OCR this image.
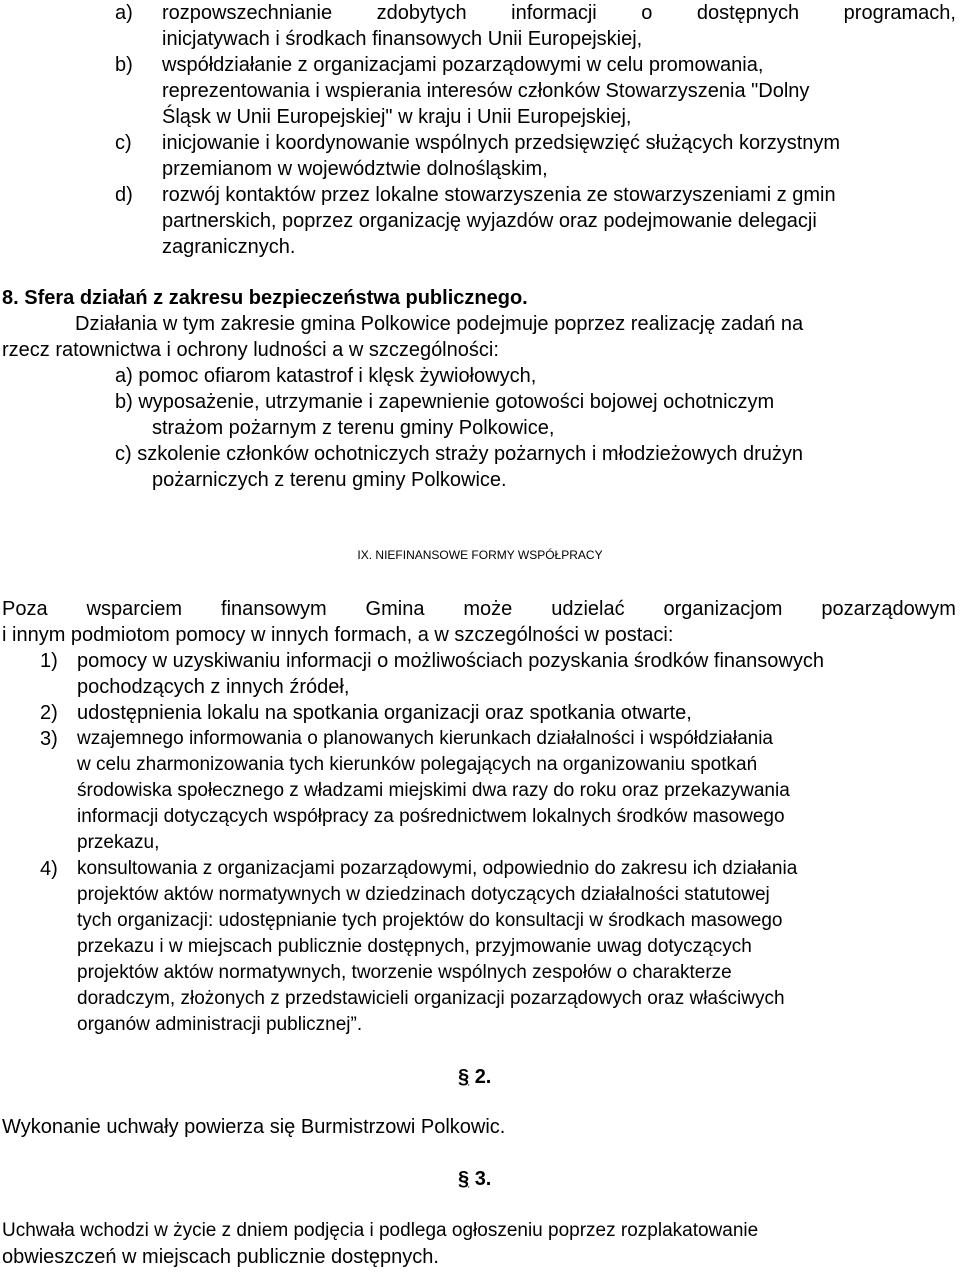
a) rozpowszechnianie zdobytych informacji o dostępnych programach,
inicjatywach i środkach finansowych Unii Europejskiej,
b) współdziałanie z organizacjami pozarządowymi w celu promowania,
reprezentowania i wspierania interesów członków Stowarzyszenia "Dolny
Śląsk w Unii Europejskiej" w kraju i Unii Europejskiej,
c) inicjowanie i koordynowanie wspólnych przedsięwzięć służących korzystnym
przemianom w województwie dolnośląskim,
d) rozwój kontaktów przez lokalne stowarzyszenia ze stowarzyszeniami z gmin
partnerskich, poprzez organizację wyjazdów oraz podejmowanie delegacji
zagranicznych.
8. Sfera działań z zakresu bezpieczeństwa publicznego.
Działania w tym zakresie gmina Polkowice podejmuje poprzez realizację zadań na
rzecz ratownictwa i ochrony ludności a w szczególności:
a) pomoc ofiarom katastrof i klęsk żywiołowych,
b) wyposażenie, utrzymanie i zapewnienie gotowości bojowej ochotniczym
strażom pożarnym z terenu gminy Polkowice,
c) szkolenie członków ochotniczych straży pożarnych i młodzieżowych drużyn
pożarniczych z terenu gminy Polkowice.
IX. NIEFINANSOWE FORMY WSPÓŁPRACY
Poza wsparciem finansowym Gmina może udzielać organizacjom pozarządowym
i innym podmiotom pomocy w innych formach, a w szczególności w postaci:
1) pomocy w uzyskiwaniu informacji o możliwościach pozyskania środków finansowych
pochodzących z innych źródeł,
2) udostępnienia lokalu na spotkania organizacji oraz spotkania otwarte,
3) wzajemnego informowania o planowanych kierunkach działalności i współdziałania
w celu zharmonizowania tych kierunków polegających na organizowaniu spotkań
środowiska społecznego z władzami miejskimi dwa razy do roku oraz przekazywania
informacji dotyczących współpracy za pośrednictwem lokalnych środków masowego
przekazu,
4) konsultowania z organizacjami pozarządowymi, odpowiednio do zakresu ich działania
projektów aktów normatywnych w dziedzinach dotyczących działalności statutowej
tych organizacji: udostępnianie tych projektów do konsultacji w środkach masowego
przekazu i w miejscach publicznie dostępnych, przyjmowanie uwag dotyczących
projektów aktów normatywnych, tworzenie wspólnych zespołów o charakterze
doradczym, złożonych z przedstawicieli organizacji pozarządowych oraz właściwych
organów administracji publicznej”.
§ 2.
Wykonanie uchwały powierza się Burmistrzowi Polkowic.
§ 3.
Uchwała wchodzi w życie z dniem podjęcia i podlega ogłoszeniu poprzez rozplakatowanie
obwieszczeń w miejscach publicznie dostępnych.
